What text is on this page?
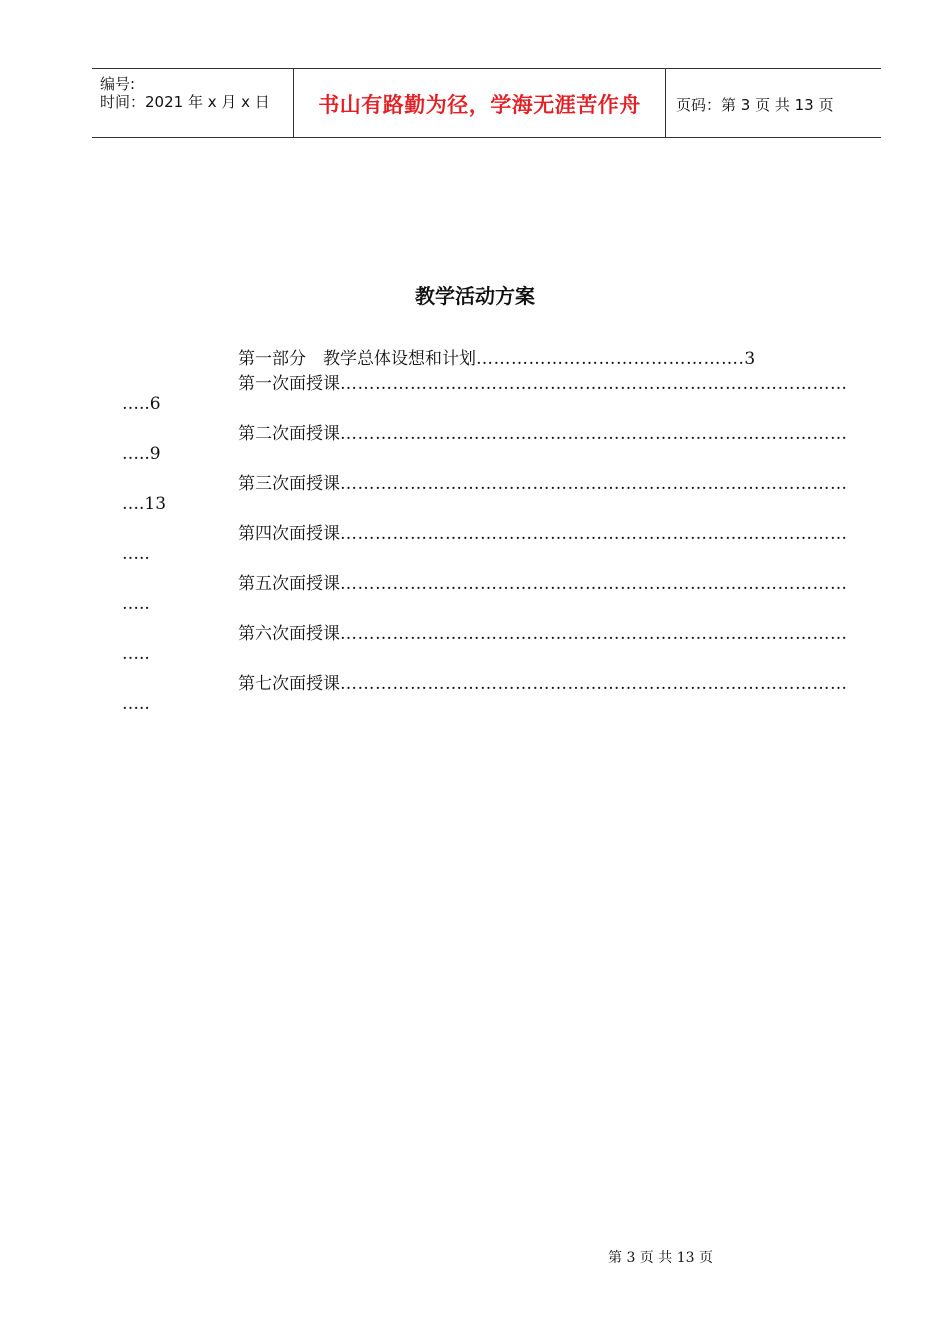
编号:
时间：2021 年 x 月 x 日	书山有路勤为径，学海无涯苦作舟	页码：第 3 页 共 13 页
教学活动方案
第一部分　教学总体设想和计划……………………………………….3
第一次面授课……………………………………………………………………………
…..6
第二次面授课……………………………………………………………………………
…..9
第三次面授课……………………………………………………………………………
….13
第四次面授课……………………………………………………………………………
…..
第五次面授课……………………………………………………………………………
…..
第六次面授课……………………………………………………………………………
…..
第七次面授课……………………………………………………………………………
…..
第 3 页 共 13 页
